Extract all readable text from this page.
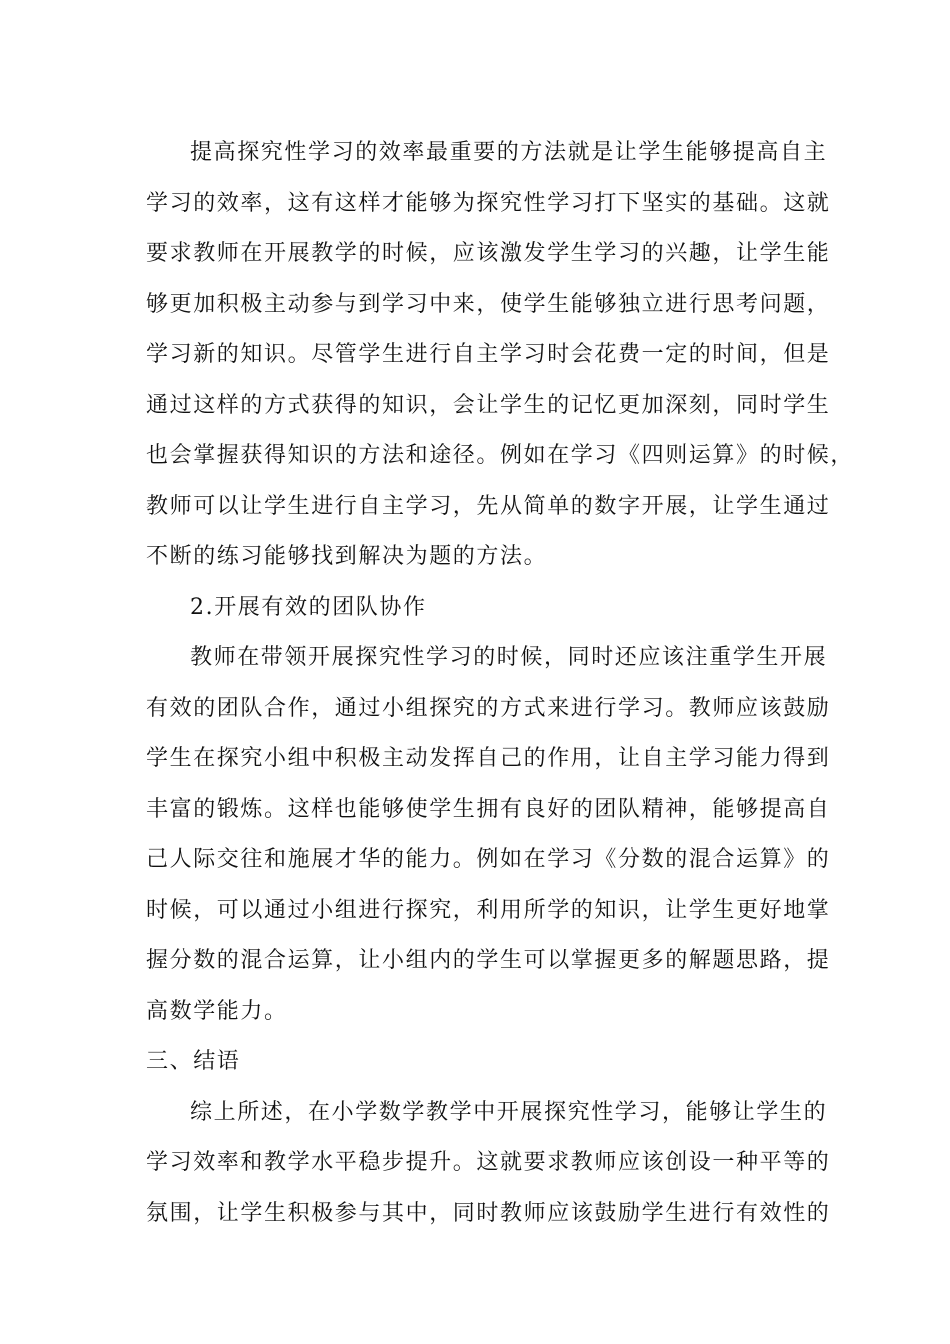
提高探究性学习的效率最重要的方法就是让学生能够提高自主
学习的效率，这有这样才能够为探究性学习打下坚实的基础。这就
要求教师在开展教学的时候，应该激发学生学习的兴趣，让学生能
够更加积极主动参与到学习中来，使学生能够独立进行思考问题，
学习新的知识。尽管学生进行自主学习时会花费一定的时间，但是
通过这样的方式获得的知识，会让学生的记忆更加深刻，同时学生
也会掌握获得知识的方法和途径。例如在学习《四则运算》的时候，
教师可以让学生进行自主学习，先从简单的数字开展，让学生通过
不断的练习能够找到解决为题的方法。
2.开展有效的团队协作
教师在带领开展探究性学习的时候，同时还应该注重学生开展
有效的团队合作，通过小组探究的方式来进行学习。教师应该鼓励
学生在探究小组中积极主动发挥自己的作用，让自主学习能力得到
丰富的锻炼。这样也能够使学生拥有良好的团队精神，能够提高自
己人际交往和施展才华的能力。例如在学习《分数的混合运算》的
时候，可以通过小组进行探究，利用所学的知识，让学生更好地掌
握分数的混合运算，让小组内的学生可以掌握更多的解题思路，提
高数学能力。
三、结语
综上所述，在小学数学教学中开展探究性学习，能够让学生的
学习效率和教学水平稳步提升。这就要求教师应该创设一种平等的
氛围，让学生积极参与其中，同时教师应该鼓励学生进行有效性的
